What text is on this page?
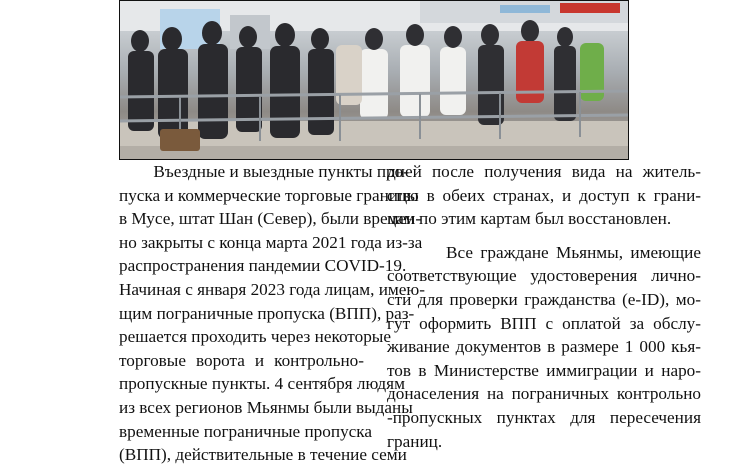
Въездные и выездные пункты про-
пуска и коммерческие торговые границы
в Мусе, штат Шан (Север), были времен-
но закрыты с конца марта 2021 года из-за
распространения пандемии COVID-19.
Начиная с января 2023 года лицам, имею-
щим пограничные пропуска (ВПП), раз-
решается проходить через некоторые
торговые ворота и контрольно-
пропускные пункты. 4 сентября людям
из всех регионов Мьянмы были выданы
временные пограничные пропуска
(ВПП), действительные в течение семи

дней после получения вида на житель-
ство в обеих странах, и доступ к грани-
цам по этим картам был восстановлен.

Все граждане Мьянмы, имеющие
соответствующие удостоверения лично-
сти для проверки гражданства (e-ID), мо-
гут оформить ВПП с оплатой за обслу-
живание документов в размере 1 000 кья-
тов в Министерстве иммиграции и наро-
донаселения на пограничных контрольно
-пропускных пунктах для пересечения
границ.
